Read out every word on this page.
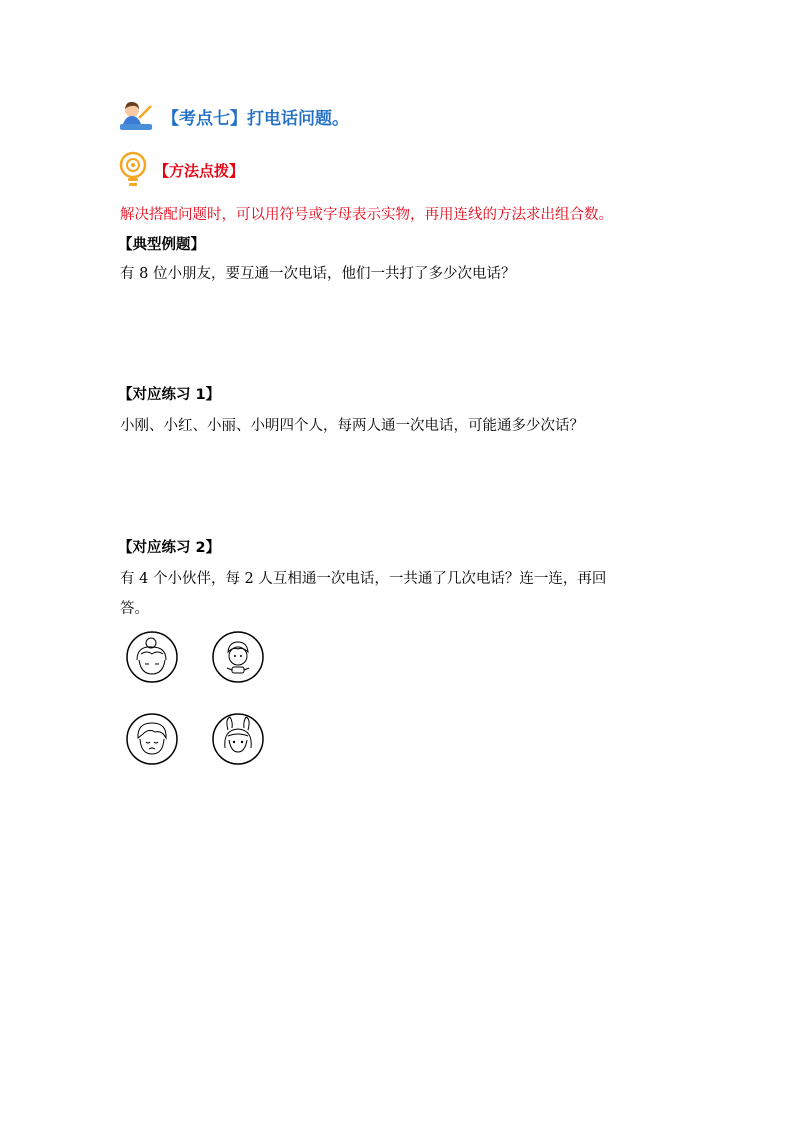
【考点七】打电话问题。
【方法点拨】
解决搭配问题时，可以用符号或字母表示实物，再用连线的方法求出组合数。
【典型例题】
有 8 位小朋友，要互通一次电话，他们一共打了多少次电话？
【对应练习 1】
小刚、小红、小丽、小明四个人，每两人通一次电话，可能通多少次话？
【对应练习 2】
有 4 个小伙伴，每 2 人互相通一次电话，一共通了几次电话？连一连，再回
答。
